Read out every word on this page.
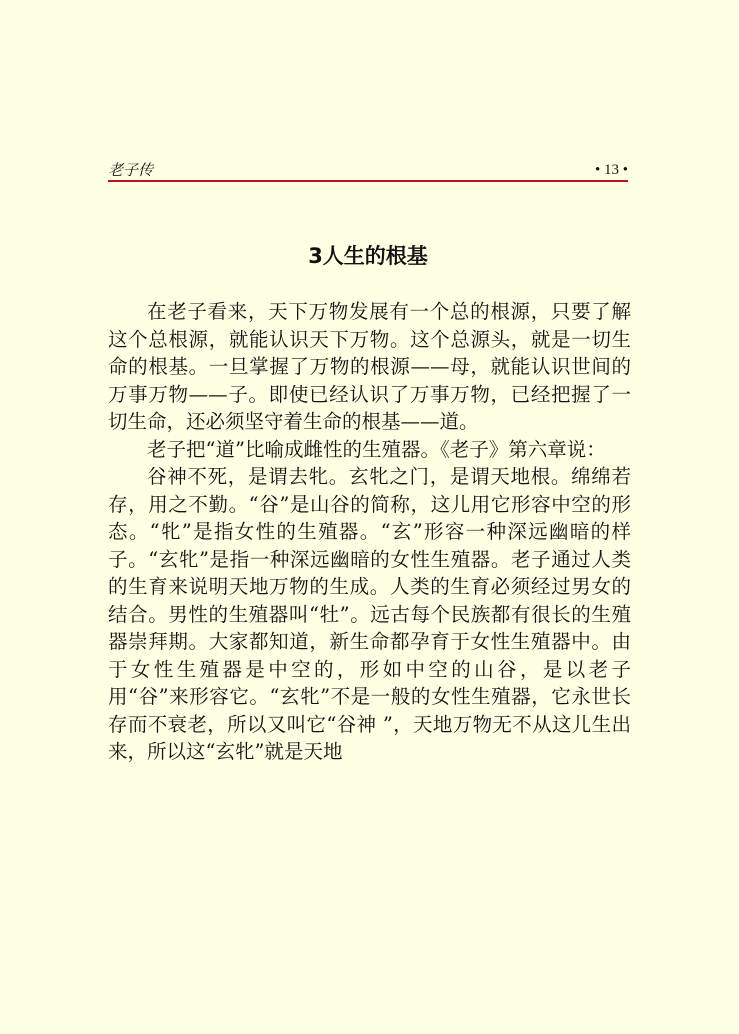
老子传	• 13 •
3人生的根基

在老子看来，天下万物发展有一个总的根源，只要了解这个总根源，就能认识天下万物。这个总源头，就是一切生命的根基。一旦掌握了万物的根源——母，就能认识世间的万事万物——子。即使已经认识了万事万物，已经把握了一切生命，还必须坚守着生命的根基——道。

老子把“道”比喻成雌性的生殖器。《老子》第六章说：

谷神不死，是谓去牝。玄牝之门，是谓天地根。绵绵若存，用之不勤。“谷”是山谷的简称，这儿用它形容中空的形态。“牝”是指女性的生殖器。“玄”形容一种深远幽暗的样子。“玄牝”是指一种深远幽暗的女性生殖器。老子通过人类的生育来说明天地万物的生成。人类的生育必须经过男女的结合。男性的生殖器叫“牡”。远古每个民族都有很长的生殖器崇拜期。大家都知道，新生命都孕育于女性生殖器中。由于女性生殖器是中空的，形如中空的山谷，是以老子用“谷”来形容它。“玄牝”不是一般的女性生殖器，它永世长存而不衰老，所以又叫它“谷神 ”，天地万物无不从这儿生出来，所以这“玄牝”就是天地
